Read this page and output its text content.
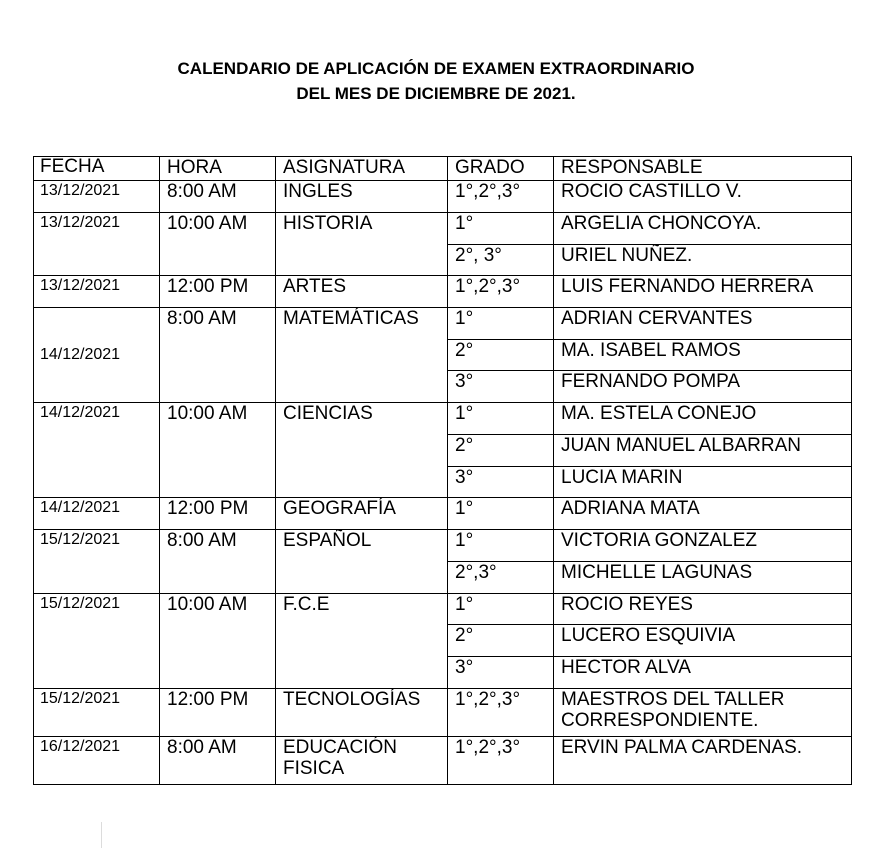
CALENDARIO DE APLICACIÓN DE EXAMEN EXTRAORDINARIO
DEL MES DE DICIEMBRE DE 2021.
FECHA	HORA	ASIGNATURA	GRADO	RESPONSABLE
13/12/2021	8:00 AM	INGLES	1°,2°,3°	ROCIO CASTILLO V.
13/12/2021	10:00 AM	HISTORIA	1°	ARGELIA CHONCOYA.
			2°, 3°	URIEL NUÑEZ.
13/12/2021	12:00 PM	ARTES	1°,2°,3°	LUIS FERNANDO HERRERA
14/12/2021	8:00 AM	MATEMÁTICAS	1°	ADRIAN CERVANTES
			2°	MA. ISABEL RAMOS
			3°	FERNANDO POMPA
14/12/2021	10:00 AM	CIENCIAS	1°	MA. ESTELA CONEJO
			2°	JUAN MANUEL ALBARRAN
			3°	LUCIA MARIN
14/12/2021	12:00 PM	GEOGRAFÍA	1°	ADRIANA MATA
15/12/2021	8:00 AM	ESPAÑOL	1°	VICTORIA GONZALEZ
			2°,3°	MICHELLE LAGUNAS
15/12/2021	10:00 AM	F.C.E	1°	ROCIO REYES
			2°	LUCERO ESQUIVIA
			3°	HECTOR ALVA
15/12/2021	12:00 PM	TECNOLOGÍAS	1°,2°,3°	MAESTROS DEL TALLER CORRESPONDIENTE.
16/12/2021	8:00 AM	EDUCACIÓN FISICA	1°,2°,3°	ERVIN PALMA CARDENAS.
